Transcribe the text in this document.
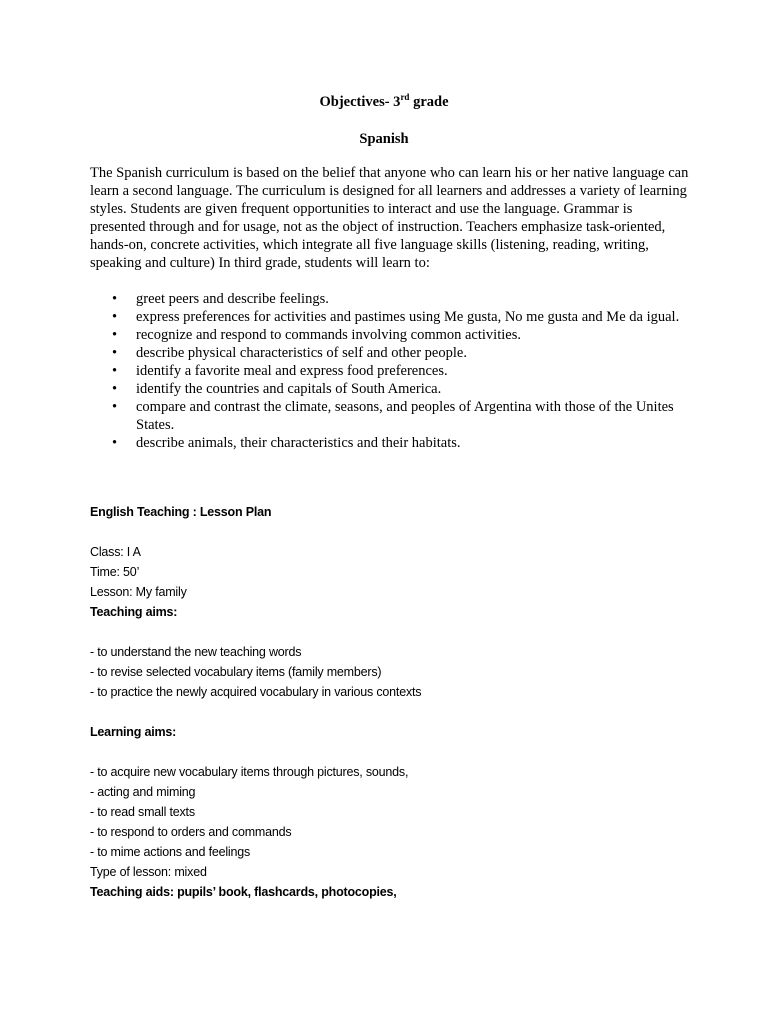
Objectives- 3rd grade
Spanish

The Spanish curriculum is based on the belief that anyone who can learn his or her native language can learn a second language. The curriculum is designed for all learners and addresses a variety of learning styles. Students are given frequent opportunities to interact and use the language. Grammar is presented through and for usage, not as the object of instruction. Teachers emphasize task-oriented, hands-on, concrete activities, which integrate all five language skills (listening, reading, writing, speaking and culture) In third grade, students will learn to:

• greet peers and describe feelings.
• express preferences for activities and pastimes using Me gusta, No me gusta and Me da igual.
• recognize and respond to commands involving common activities.
• describe physical characteristics of self and other people.
• identify a favorite meal and express food preferences.
• identify the countries and capitals of South America.
• compare and contrast the climate, seasons, and peoples of Argentina with those of the Unites States.
• describe animals, their characteristics and their habitats.
English Teaching : Lesson Plan
Class: I A
Time: 50’
Lesson: My family
Teaching aims:
- to understand the new teaching words
- to revise selected vocabulary items (family members)
- to practice the newly acquired vocabulary in various contexts
Learning aims:
- to acquire new vocabulary items through pictures, sounds,
- acting and miming
- to read small texts
- to respond to orders and commands
- to mime actions and feelings
Type of lesson: mixed
Teaching aids: pupils’ book, flashcards, photocopies,
